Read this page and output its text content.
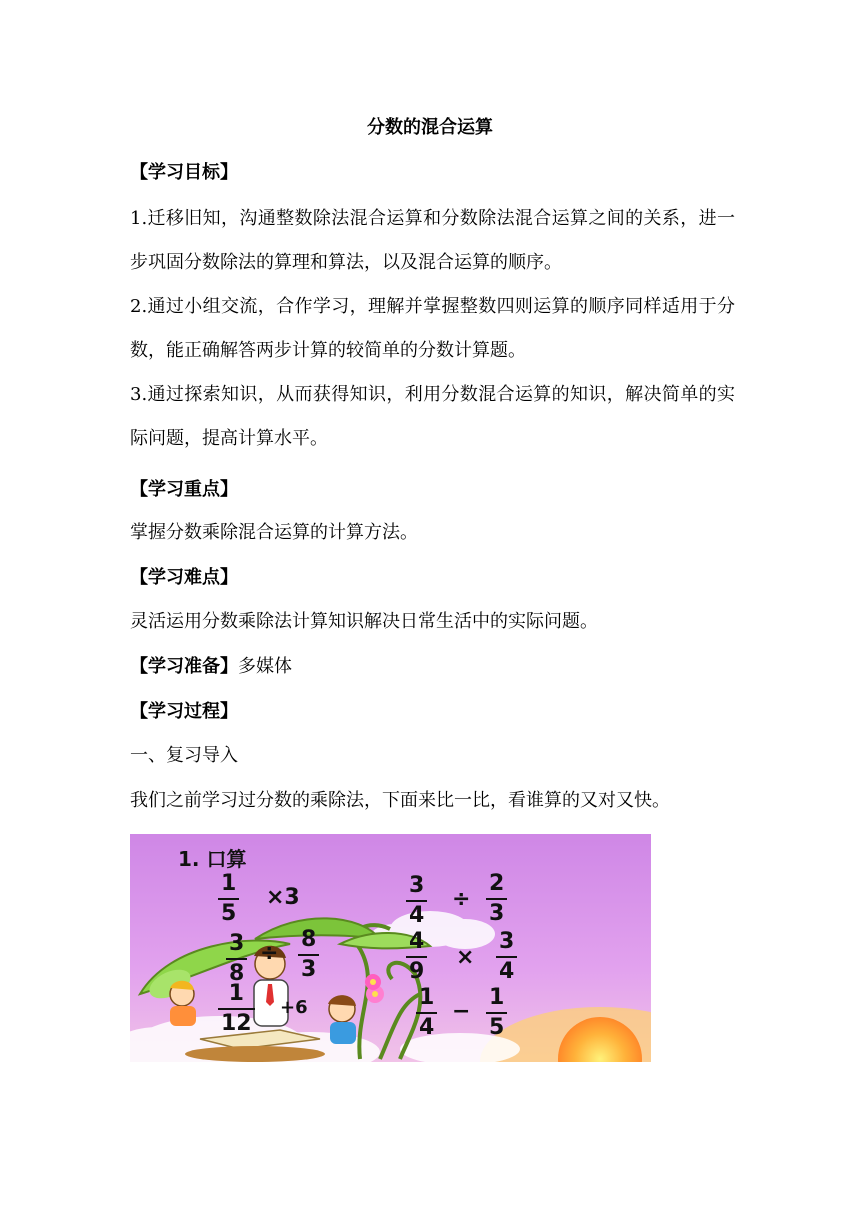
分数的混合运算
【学习目标】
1.迁移旧知，沟通整数除法混合运算和分数除法混合运算之间的关系，进一步巩固分数除法的算理和算法，以及混合运算的顺序。
2.通过小组交流，合作学习，理解并掌握整数四则运算的顺序同样适用于分数，能正确解答两步计算的较简单的分数计算题。
3.通过探索知识，从而获得知识，利用分数混合运算的知识，解决简单的实际问题，提高计算水平。
【学习重点】
掌握分数乘除混合运算的计算方法。
【学习难点】
灵活运用分数乘除法计算知识解决日常生活中的实际问题。
【学习准备】多媒体
【学习过程】
一、复习导入
我们之前学习过分数的乘除法，下面来比一比，看谁算的又对又快。
1. 口算
1
5
×3	3
4
÷
2
3
3
8
÷
8
3
4
9
×
3
4
1
12
+6	1
4
−
1
5
